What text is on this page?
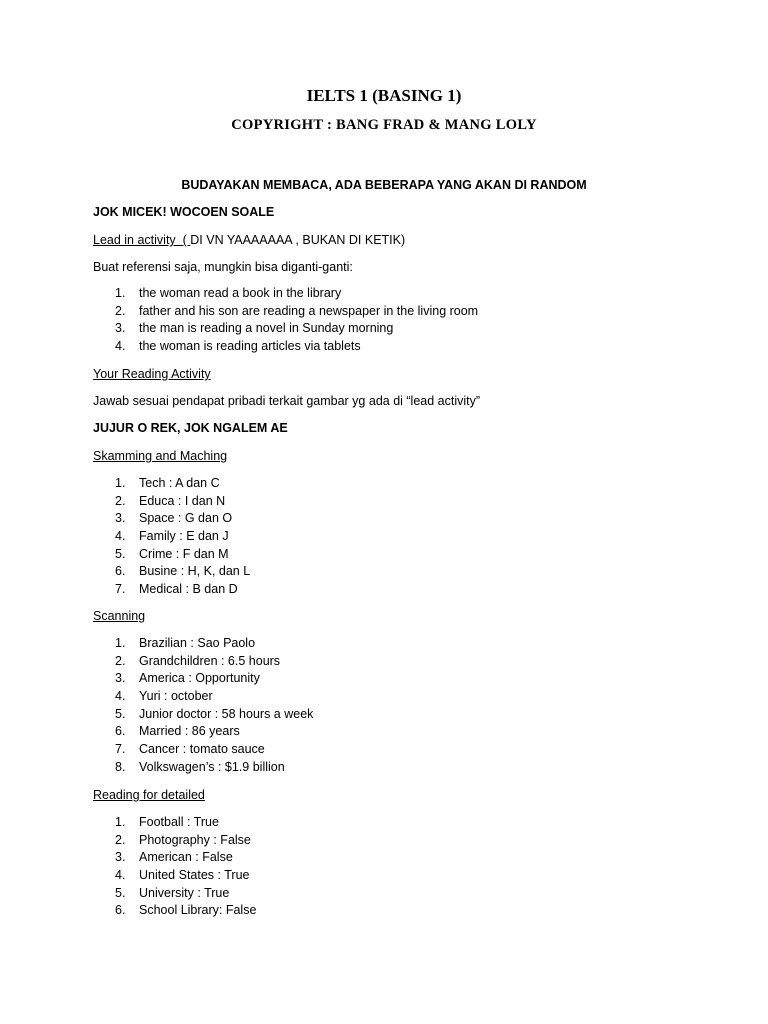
IELTS 1 (BASING 1)
COPYRIGHT : BANG FRAD & MANG LOLY
BUDAYAKAN MEMBACA, ADA BEBERAPA YANG AKAN DI RANDOM
JOK MICEK! WOCOEN SOALE
Lead in activity  ( DI VN YAAAAAAA , BUKAN DI KETIK)
Buat referensi saja, mungkin bisa diganti-ganti:
1. the woman read a book in the library
2. father and his son are reading a newspaper in the living room
3. the man is reading a novel in Sunday morning
4. the woman is reading articles via tablets
Your Reading Activity
Jawab sesuai pendapat pribadi terkait gambar yg ada di “lead activity”
JUJUR O REK, JOK NGALEM AE
Skamming and Maching
1. Tech : A dan C
2. Educa : I dan N
3. Space : G dan O
4. Family : E dan J
5. Crime : F dan M
6. Busine : H, K, dan L
7. Medical : B dan D
Scanning
1. Brazilian : Sao Paolo
2. Grandchildren : 6.5 hours
3. America : Opportunity
4. Yuri : october
5. Junior doctor : 58 hours a week
6. Married : 86 years
7. Cancer : tomato sauce
8. Volkswagen’s : $1.9 billion
Reading for detailed
1. Football : True
2. Photography : False
3. American : False
4. United States : True
5. University : True
6. School Library: False
